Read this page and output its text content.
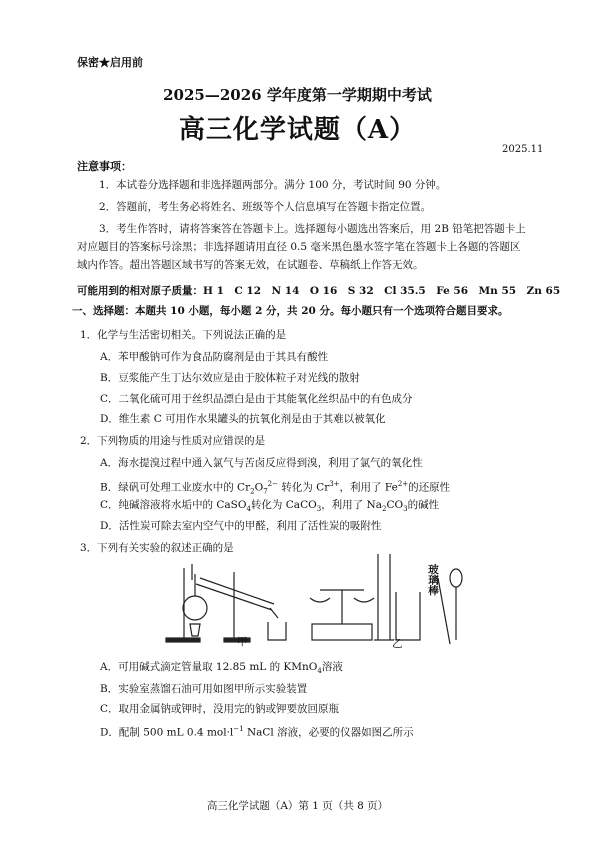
保密★启用前
2025—2026 学年度第一学期期中考试
高三化学试题（A）
2025.11
注意事项：
1．本试卷分选择题和非选择题两部分。满分 100 分，考试时间 90 分钟。
2．答题前，考生务必将姓名、班级等个人信息填写在答题卡指定位置。
3．考生作答时，请将答案答在答题卡上。选择题每小题选出答案后，用 2B 铅笔把答题卡上对应题目的答案标号涂黑；非选择题请用直径 0.5 毫米黑色墨水签字笔在答题卡上各题的答题区域内作答。超出答题区域书写的答案无效，在试题卷、草稿纸上作答无效。
可能用到的相对原子质量：H 1　C 12　N 14　O 16　S 32　Cl 35.5　Fe 56　Mn 55　Zn 65
一、选择题：本题共 10 小题，每小题 2 分，共 20 分。每小题只有一个选项符合题目要求。
1．化学与生活密切相关。下列说法正确的是
A．苯甲酸钠可作为食品防腐剂是由于其具有酸性
B．豆浆能产生丁达尔效应是由于胶体粒子对光线的散射
C．二氧化硫可用于丝织品漂白是由于其能氧化丝织品中的有色成分
D．维生素 C 可用作水果罐头的抗氧化剂是由于其难以被氧化
2．下列物质的用途与性质对应错误的是
A．海水提溴过程中通入氯气与苦卤反应得到溴，利用了氯气的氧化性
B．绿矾可处理工业废水中的 $Cr_2O_7^{2-}$ 转化为 $Cr^{3+}$，利用了 $Fe^{2+}$的还原性
C．纯碱溶液将水垢中的 CaSO$_4$转化为 CaCO$_3$，利用了 $Na_2CO_3$的碱性
D．活性炭可除去室内空气中的甲醛，利用了活性炭的吸附性
3．下列有关实验的叙述正确的是
甲	乙
玻璃棒
A．可用碱式滴定管量取 12.85 mL 的 KMnO$_4$溶液
B．实验室蒸馏石油可用如图甲所示实验装置
C．取用金属钠或钾时，没用完的钠或钾要放回原瓶
D．配制 500 mL 0.4 $mol\cdot l^{-1}$ NaCl 溶液，必要的仪器如图乙所示
高三化学试题（A）第 1 页（共 8 页）
